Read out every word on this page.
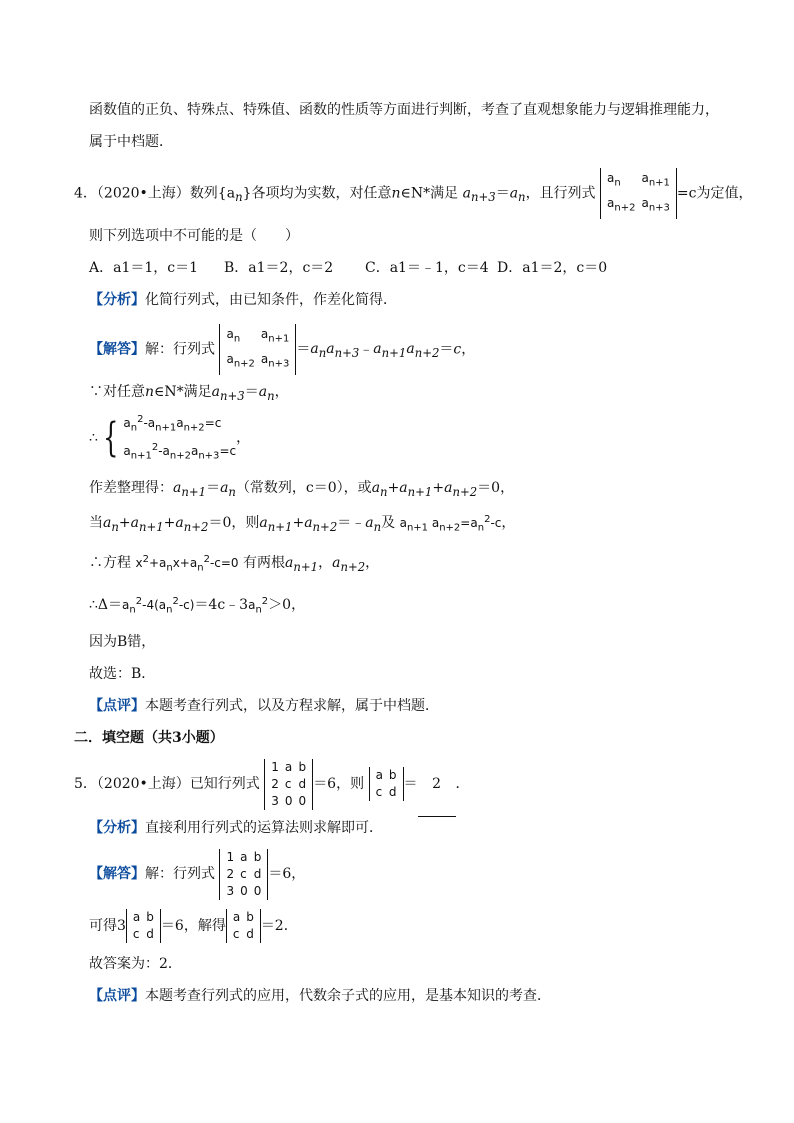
函数值的正负、特殊点、特殊值、函数的性质等方面进行判断，考查了直观想象能力与逻辑推理能力，
属于中档题．
4．（2020•上海）数列$\{a_n\}$各项均为实数，对任意n∈N*满足 $a_{n+3}=a_n$，且行列式
$a_n$	$a_{n+1}$
$a_{n+2}$	$a_{n+3}$
=c为定值，
则下列选项中不可能的是（　　）
A．a1＝1，c＝1 B．a1＝2，c＝2 C．a1＝﹣1，c＝4 D．a1＝2，c＝0
【分析】化简行列式，由已知条件，作差化简得．
【解答】解：行列式
$a_n$	$a_{n+1}$
$a_{n+2}$	$a_{n+3}$
$=a_na_{n+3}﹣a_{n+1}a_{n+2}=c$，
∵对任意n∈N*满足$a_{n+3}=a_n$，
∴ { $a_n^2-a_{n+1}a_{n+2}=c$
$a_{n+1}^2-a_{n+2}a_{n+3}=c$
，
作差整理得：$a_{n+1}=a_n$（常数列，c＝0），或$a_n+a_{n+1}+a_{n+2}=0$，
当$a_n+a_{n+1}+a_{n+2}=0$，则$a_{n+1}+a_{n+2}=﹣a_n$及 $a_{n+1}$ $a_{n+2}=a_n^2-c$，
∴方程 $x^2+a_nx+a_n^2-c=0$ 有两根$a_{n+1}$，$a_{n+2}$，
$\therefore\Delta=a_n^2-4(a_n^2-c)=4c﹣3a_n^2>0$，
因为B错，
故选：B．
【点评】本题考查行列式，以及方程求解，属于中档题．
二．填空题（共3小题）
5．（2020•上海）已知行列式
1	a	b
2	c	d
3	0	0
＝6，则
a	b
c	d ＝ 2 ．
【分析】直接利用行列式的运算法则求解即可．
【解答】解：行列式
1	a	b
2	c	d
3	0	0
＝6，
可得3
a	b
c	d ＝6，解得
a	b
c	d ＝2．
故答案为：2．
【点评】本题考查行列式的应用，代数余子式的应用，是基本知识的考查．
